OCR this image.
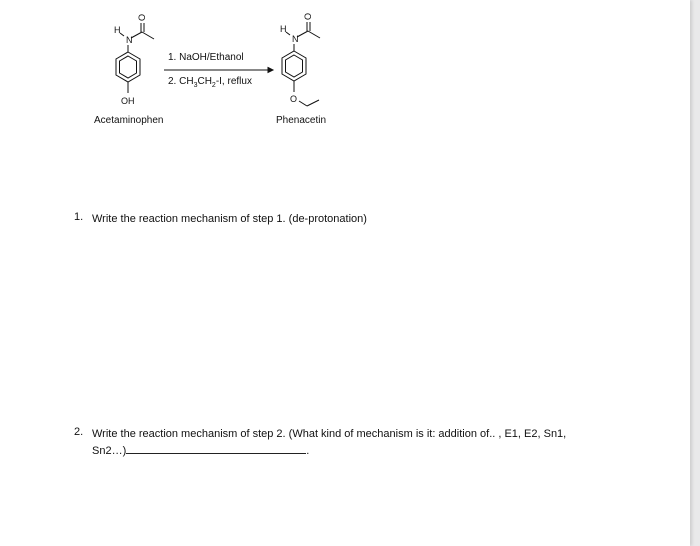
H
N
O
OH
H
N
O
O
1. NaOH/Ethanol
2. $CH_3CH_2-I$, reflux
Acetaminophen	Phenacetin
1. Write the reaction mechanism of step 1. (de-protonation)
2. Write the reaction mechanism of step 2. (What kind of mechanism is it: addition of.. , E1, E2, Sn1,
Sn2…)	.
